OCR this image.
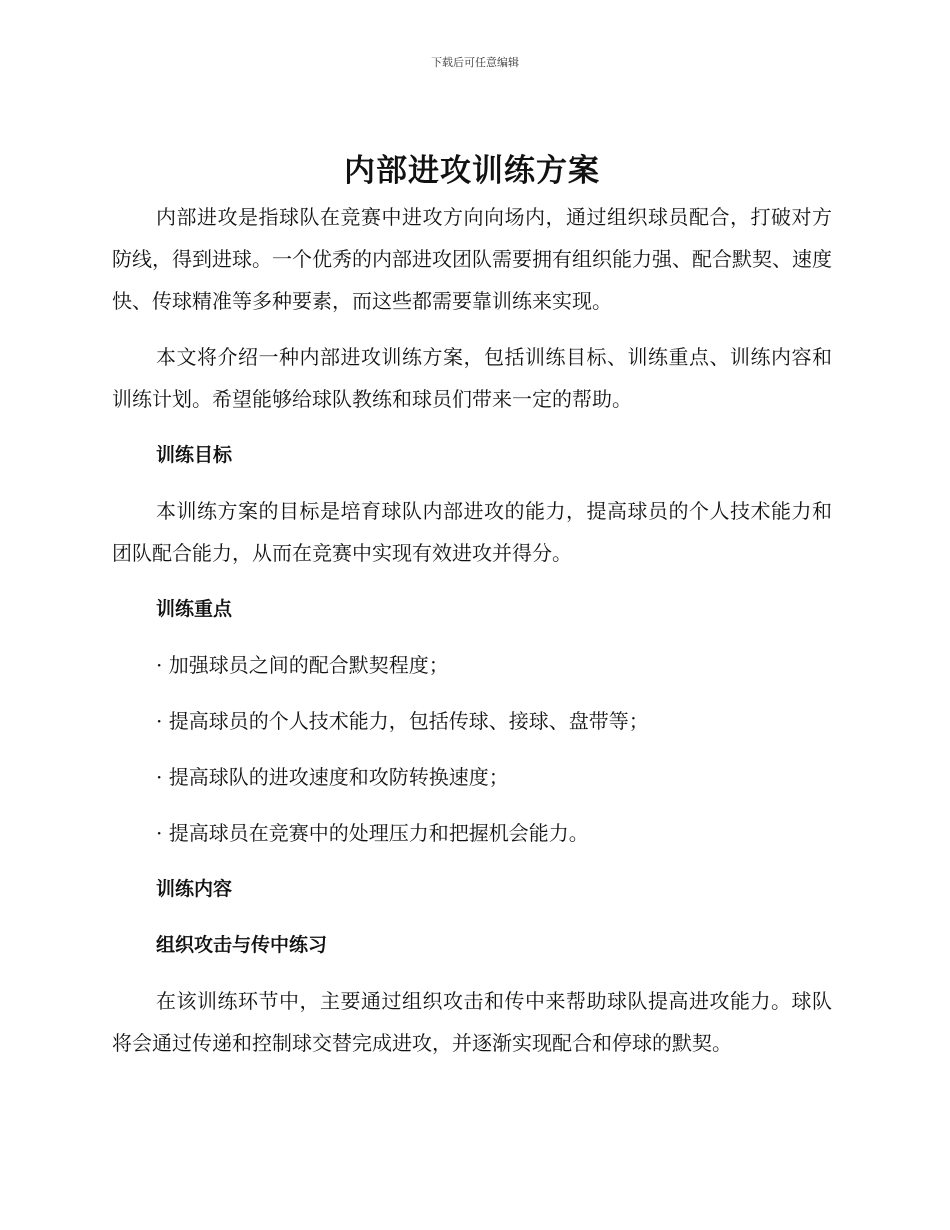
下载后可任意编辑
内部进攻训练方案

内部进攻是指球队在竞赛中进攻方向向场内，通过组织球员配合，打破对方防线，得到进球。一个优秀的内部进攻团队需要拥有组织能力强、配合默契、速度快、传球精准等多种要素，而这些都需要靠训练来实现。

本文将介绍一种内部进攻训练方案，包括训练目标、训练重点、训练内容和训练计划。希望能够给球队教练和球员们带来一定的帮助。

训练目标

本训练方案的目标是培育球队内部进攻的能力，提高球员的个人技术能力和团队配合能力，从而在竞赛中实现有效进攻并得分。

训练重点
· 加强球员之间的配合默契程度；
· 提高球员的个人技术能力，包括传球、接球、盘带等；
· 提高球队的进攻速度和攻防转换速度；
· 提高球员在竞赛中的处理压力和把握机会能力。
训练内容
组织攻击与传中练习

在该训练环节中，主要通过组织攻击和传中来帮助球队提高进攻能力。球队将会通过传递和控制球交替完成进攻，并逐渐实现配合和停球的默契。
